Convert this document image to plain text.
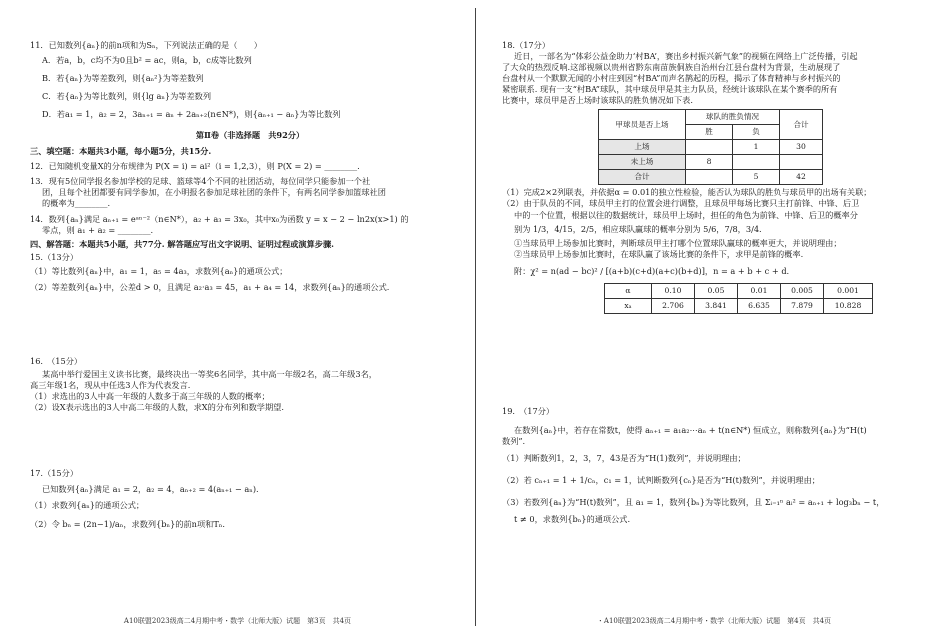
11．已知数列{aₙ}的前n项和为Sₙ，下列说法正确的是（　　）
A．若a，b，c均不为0且b² = ac，则a，b，c成等比数列
B．若{aₙ}为等差数列，则{aₙ²}为等差数列
C．若{aₙ}为等比数列，则{lg aₙ}为等差数列
D．若a₁ = 1，a₂ = 2，3aₙ₊₁ = aₙ + 2aₙ₊₂(n∈N*)，则{aₙ₊₁ − aₙ}为等比数列
第Ⅱ卷（非选择题　共92分）
三、填空题：本题共3小题，每小题5分，共15分.
12．已知随机变量X的分布规律为 P(X = i) = ai²（i = 1,2,3），则 P(X = 2) = ________.
13．现有5位同学报名参加学校的足球、篮球等4个不同的社团活动，每位同学只能参加一个社
团，且每个社团都要有同学参加，在小明报名参加足球社团的条件下，有两名同学参加篮球社团
的概率为________.
14．数列{aₙ}满足 aₙ₊₁ = eᵃⁿ⁻²（n∈N*），a₂ + a₃ = 3x₀，其中x₀为函数 y = x − 2 − ln2x(x>1) 的
零点，则 a₁ + a₂ = ________.
四、解答题：本题共5小题，共77分. 解答题应写出文字说明、证明过程或演算步骤.
15.（13分）
（1）等比数列{aₙ}中，a₁ = 1，a₅ = 4a₃，求数列{aₙ}的通项公式；
（2）等差数列{aₙ}中，公差d > 0，且满足 a₂·a₃ = 45，a₁ + a₄ = 14，求数列{aₙ}的通项公式.
16.　（15分）
某高中举行爱国主义读书比赛，最终决出一等奖6名同学，其中高一年级2名，高二年级3名，
高三年级1名，现从中任选3人作为代表发言.
（1）求选出的3人中高一年级的人数多于高三年级的人数的概率；
（2）设X表示选出的3人中高二年级的人数，求X的分布列和数学期望.
17.（15分）
已知数列{aₙ}满足 a₁ = 2，a₂ = 4，aₙ₊₂ = 4(aₙ₊₁ − aₙ).
（1）求数列{aₙ}的通项公式；
（2）令 bₙ = (2n−1)/aₙ，求数列{bₙ}的前n项和Tₙ.
A10联盟2023级高二4月期中考・数学（北师大版）试题　第3页　共4页
18.（17分）
近日，一部名为“体彩公益金助力‘村BA’，赛出乡村振兴新气象”的视频在网络上广泛传播，引起
了大众的热烈反响.这部视频以贵州省黔东南苗族侗族自治州台江县台盘村为背景，生动展现了
台盘村从一个默默无闻的小村庄到因“村BA”而声名鹊起的历程，揭示了体育精神与乡村振兴的
紧密联系. 现有一支“村BA”球队，其中球员甲是其主力队员，经统计该球队在某个赛季的所有
比赛中，球员甲是否上场时该球队的胜负情况如下表.
甲球员是否上场	球队的胜负情况		合计
	胜	负	
上场		1	30
未上场	8		
合计		5	42
（1）完成2×2列联表，并依据α = 0.01的独立性检验，能否认为球队的胜负与球员甲的出场有关联；
（2）由于队员的不同，球员甲主打的位置会进行调整，且球员甲每场比赛只主打前锋、中锋、后卫
中的一个位置，根据以往的数据统计，球员甲上场时，担任的角色为前锋、中锋、后卫的概率分
别为 1/3，4/15，2/5，相应球队赢球的概率分别为 5/6，7/8，3/4.
①当球员甲上场参加比赛时，判断球员甲主打哪个位置球队赢球的概率更大，并说明理由；
②当球员甲上场参加比赛时，在球队赢了该场比赛的条件下，求甲是前锋的概率.
附：χ² = n(ad − bc)² / [(a+b)(c+d)(a+c)(b+d)]，n = a + b + c + d.
α	0.10	0.05	0.01	0.005	0.001
xₐ	2.706	3.841	6.635	7.879	10.828
19.　（17分）
在数列{aₙ}中，若存在常数t，使得 aₙ₊₁ = a₁a₂⋯aₙ + t(n∈N*) 恒成立，则称数列{aₙ}为“H(t)
数列”.
（1）判断数列1，2，3，7，43是否为“H(1)数列”，并说明理由；
（2）若 cₙ₊₁ = 1 + 1/cₙ，c₁ = 1，试判断数列{cₙ}是否为“H(t)数列”，并说明理由；
（3）若数列{aₙ}为“H(t)数列”，且 a₁ = 1，数列{bₙ}为等比数列，且 Σᵢ₌₁ⁿ aᵢ² = aₙ₊₁ + log₃bₙ − t，
t ≠ 0，求数列{bₙ}的通项公式.
・A10联盟2023级高二4月期中考・数学（北师大版）试题　第4页　共4页
